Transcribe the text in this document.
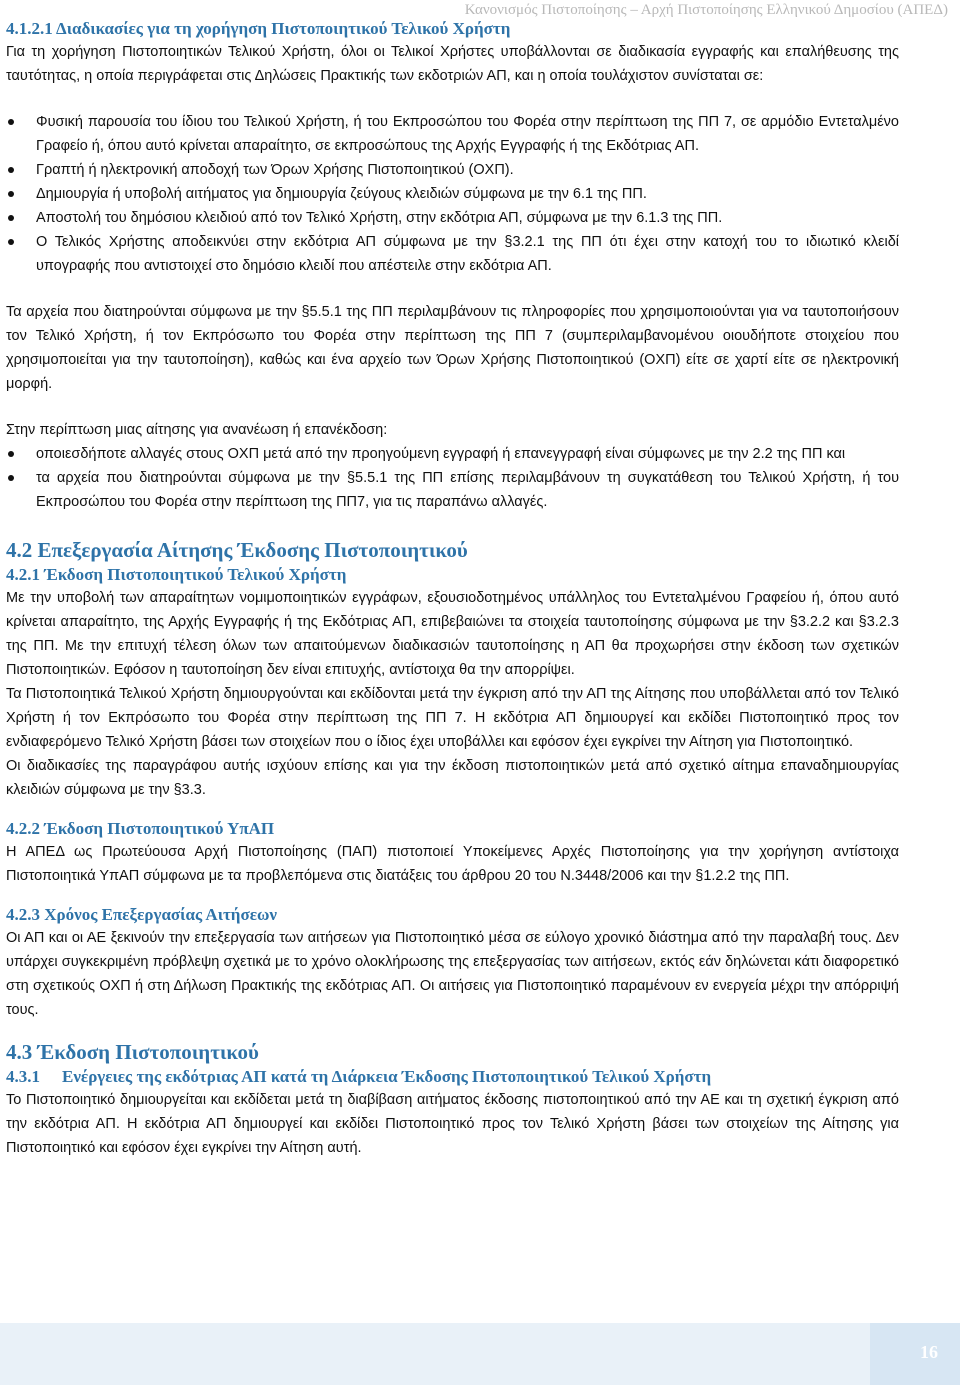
Κανονισμός Πιστοποίησης – Αρχή Πιστοποίησης Ελληνικού Δημοσίου (ΑΠΕΔ)
4.1.2.1 Διαδικασίες για τη χορήγηση Πιστοποιητικού Τελικού Χρήστη

Για τη χορήγηση Πιστοποιητικών Τελικού Χρήστη, όλοι οι Τελικοί Χρήστες υποβάλλονται σε διαδικασία εγγραφής και επαλήθευσης της ταυτότητας, η οποία περιγράφεται στις Δηλώσεις Πρακτικής των εκδοτριών ΑΠ, και η οποία τουλάχιστον συνίσταται σε:

Φυσική παρουσία του ίδιου του Τελικού Χρήστη, ή του Εκπροσώπου του Φορέα στην περίπτωση της ΠΠ 7, σε αρμόδιο Εντεταλμένο Γραφείο ή, όπου αυτό κρίνεται απαραίτητο, σε εκπροσώπους της Αρχής Εγγραφής ή της Εκδότριας ΑΠ.
Γραπτή ή ηλεκτρονική αποδοχή των Όρων Χρήσης Πιστοποιητικού (ΟΧΠ).
Δημιουργία ή υποβολή αιτήματος για δημιουργία ζεύγους κλειδιών σύμφωνα με την 6.1 της ΠΠ.
Αποστολή του δημόσιου κλειδιού από τον Τελικό Χρήστη, στην εκδότρια ΑΠ, σύμφωνα με την 6.1.3 της ΠΠ.
Ο Τελικός Χρήστης αποδεικνύει στην εκδότρια ΑΠ σύμφωνα με την §3.2.1 της ΠΠ ότι έχει στην κατοχή του το ιδιωτικό κλειδί υπογραφής που αντιστοιχεί στο δημόσιο κλειδί που απέστειλε στην εκδότρια ΑΠ.

Τα αρχεία που διατηρούνται σύμφωνα με την §5.5.1 της ΠΠ περιλαμβάνουν τις πληροφορίες που χρησιμοποιούνται για να ταυτοποιήσουν τον Τελικό Χρήστη, ή τον Εκπρόσωπο του Φορέα στην περίπτωση της ΠΠ 7 (συμπεριλαμβανομένου οιουδήποτε στοιχείου που χρησιμοποιείται για την ταυτοποίηση), καθώς και ένα αρχείο των Όρων Χρήσης Πιστοποιητικού (ΟΧΠ) είτε σε χαρτί είτε σε ηλεκτρονική μορφή.

Στην περίπτωση μιας αίτησης για ανανέωση ή επανέκδοση:

οποιεσδήποτε αλλαγές στους ΟΧΠ μετά από την προηγούμενη εγγραφή ή επανεγγραφή είναι σύμφωνες με την 2.2 της ΠΠ και
τα αρχεία που διατηρούνται σύμφωνα με την §5.5.1 της ΠΠ επίσης περιλαμβάνουν τη συγκατάθεση του Τελικού Χρήστη, ή του Εκπροσώπου του Φορέα στην περίπτωση της ΠΠ7, για τις παραπάνω αλλαγές.
4.2 Επεξεργασία Αίτησης Έκδοσης Πιστοποιητικού
4.2.1 Έκδοση Πιστοποιητικού Τελικού Χρήστη

Με την υποβολή των απαραίτητων νομιμοποιητικών εγγράφων, εξουσιοδοτημένος υπάλληλος του Εντεταλμένου Γραφείου ή, όπου αυτό κρίνεται απαραίτητο, της Αρχής Εγγραφής ή της Εκδότριας ΑΠ, επιβεβαιώνει τα στοιχεία ταυτοποίησης σύμφωνα με την §3.2.2 και §3.2.3 της ΠΠ. Με την επιτυχή τέλεση όλων των απαιτούμενων διαδικασιών ταυτοποίησης η ΑΠ θα προχωρήσει στην έκδοση των σχετικών Πιστοποιητικών. Εφόσον η ταυτοποίηση δεν είναι επιτυχής, αντίστοιχα θα την απορρίψει.

Τα Πιστοποιητικά Τελικού Χρήστη δημιουργούνται και εκδίδονται μετά την έγκριση από την ΑΠ της Αίτησης που υποβάλλεται από τον Τελικό Χρήστη ή τον Εκπρόσωπο του Φορέα στην περίπτωση της ΠΠ 7. Η εκδότρια ΑΠ δημιουργεί και εκδίδει Πιστοποιητικό προς τον ενδιαφερόμενο Τελικό Χρήστη βάσει των στοιχείων που ο ίδιος έχει υποβάλλει και εφόσον έχει εγκρίνει την Αίτηση για Πιστοποιητικό.

Οι διαδικασίες της παραγράφου αυτής ισχύουν επίσης και για την έκδοση πιστοποιητικών μετά από σχετικό αίτημα επαναδημιουργίας κλειδιών σύμφωνα με την §3.3.

4.2.2 Έκδοση Πιστοποιητικού ΥπΑΠ

Η ΑΠΕΔ ως Πρωτεύουσα Αρχή Πιστοποίησης (ΠΑΠ) πιστοποιεί Υποκείμενες Αρχές Πιστοποίησης για την χορήγηση αντίστοιχα Πιστοποιητικά ΥπΑΠ σύμφωνα με τα προβλεπόμενα στις διατάξεις του άρθρου 20 του Ν.3448/2006 και την §1.2.2 της ΠΠ.

4.2.3 Χρόνος Επεξεργασίας Αιτήσεων

Οι ΑΠ και οι ΑΕ ξεκινούν την επεξεργασία των αιτήσεων για Πιστοποιητικό μέσα σε εύλογο χρονικό διάστημα από την παραλαβή τους. Δεν υπάρχει συγκεκριμένη πρόβλεψη σχετικά με το χρόνο ολοκλήρωσης της επεξεργασίας των αιτήσεων, εκτός εάν δηλώνεται κάτι διαφορετικό στη σχετικούς ΟΧΠ ή στη Δήλωση Πρακτικής της εκδότριας ΑΠ. Οι αιτήσεις για Πιστοποιητικό παραμένουν εν ενεργεία μέχρι την απόρριψή τους.

4.3 Έκδοση Πιστοποιητικού
4.3.1 Ενέργειες της εκδότριας ΑΠ κατά τη Διάρκεια Έκδοσης Πιστοποιητικού Τελικού Χρήστη

Το Πιστοποιητικό δημιουργείται και εκδίδεται μετά τη διαβίβαση αιτήματος έκδοσης πιστοποιητικού από την ΑΕ και τη σχετική έγκριση από την εκδότρια ΑΠ. Η εκδότρια ΑΠ δημιουργεί και εκδίδει Πιστοποιητικό προς τον Τελικό Χρήστη βάσει των στοιχείων της Αίτησης για Πιστοποιητικό και εφόσον έχει εγκρίνει την Αίτηση αυτή.

16
